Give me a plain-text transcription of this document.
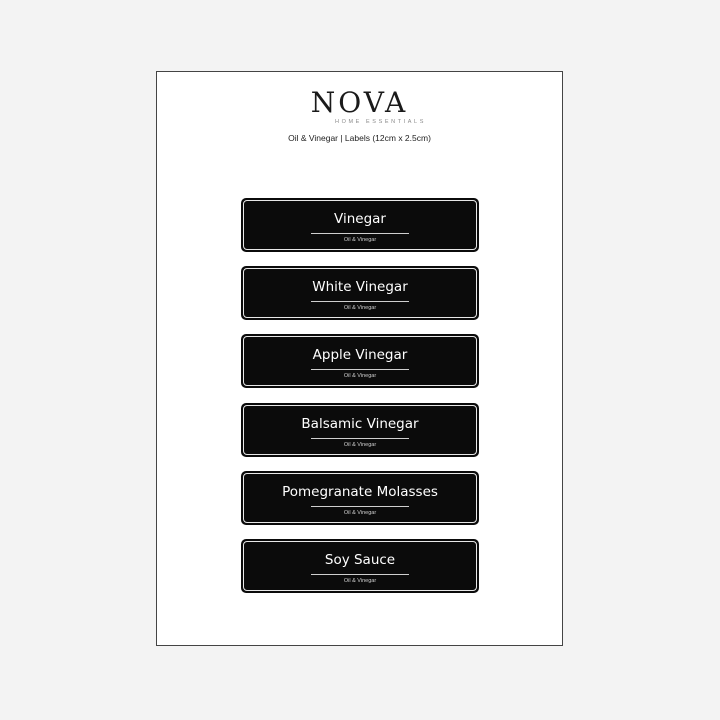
NOVA
HOME ESSENTIALS
Oil & Vinegar | Labels (12cm x 2.5cm)
Vinegar
Oil & Vinegar
White Vinegar
Oil & Vinegar
Apple Vinegar
Oil & Vinegar
Balsamic Vinegar
Oil & Vinegar
Pomegranate Molasses
Oil & Vinegar
Soy Sauce
Oil & Vinegar
